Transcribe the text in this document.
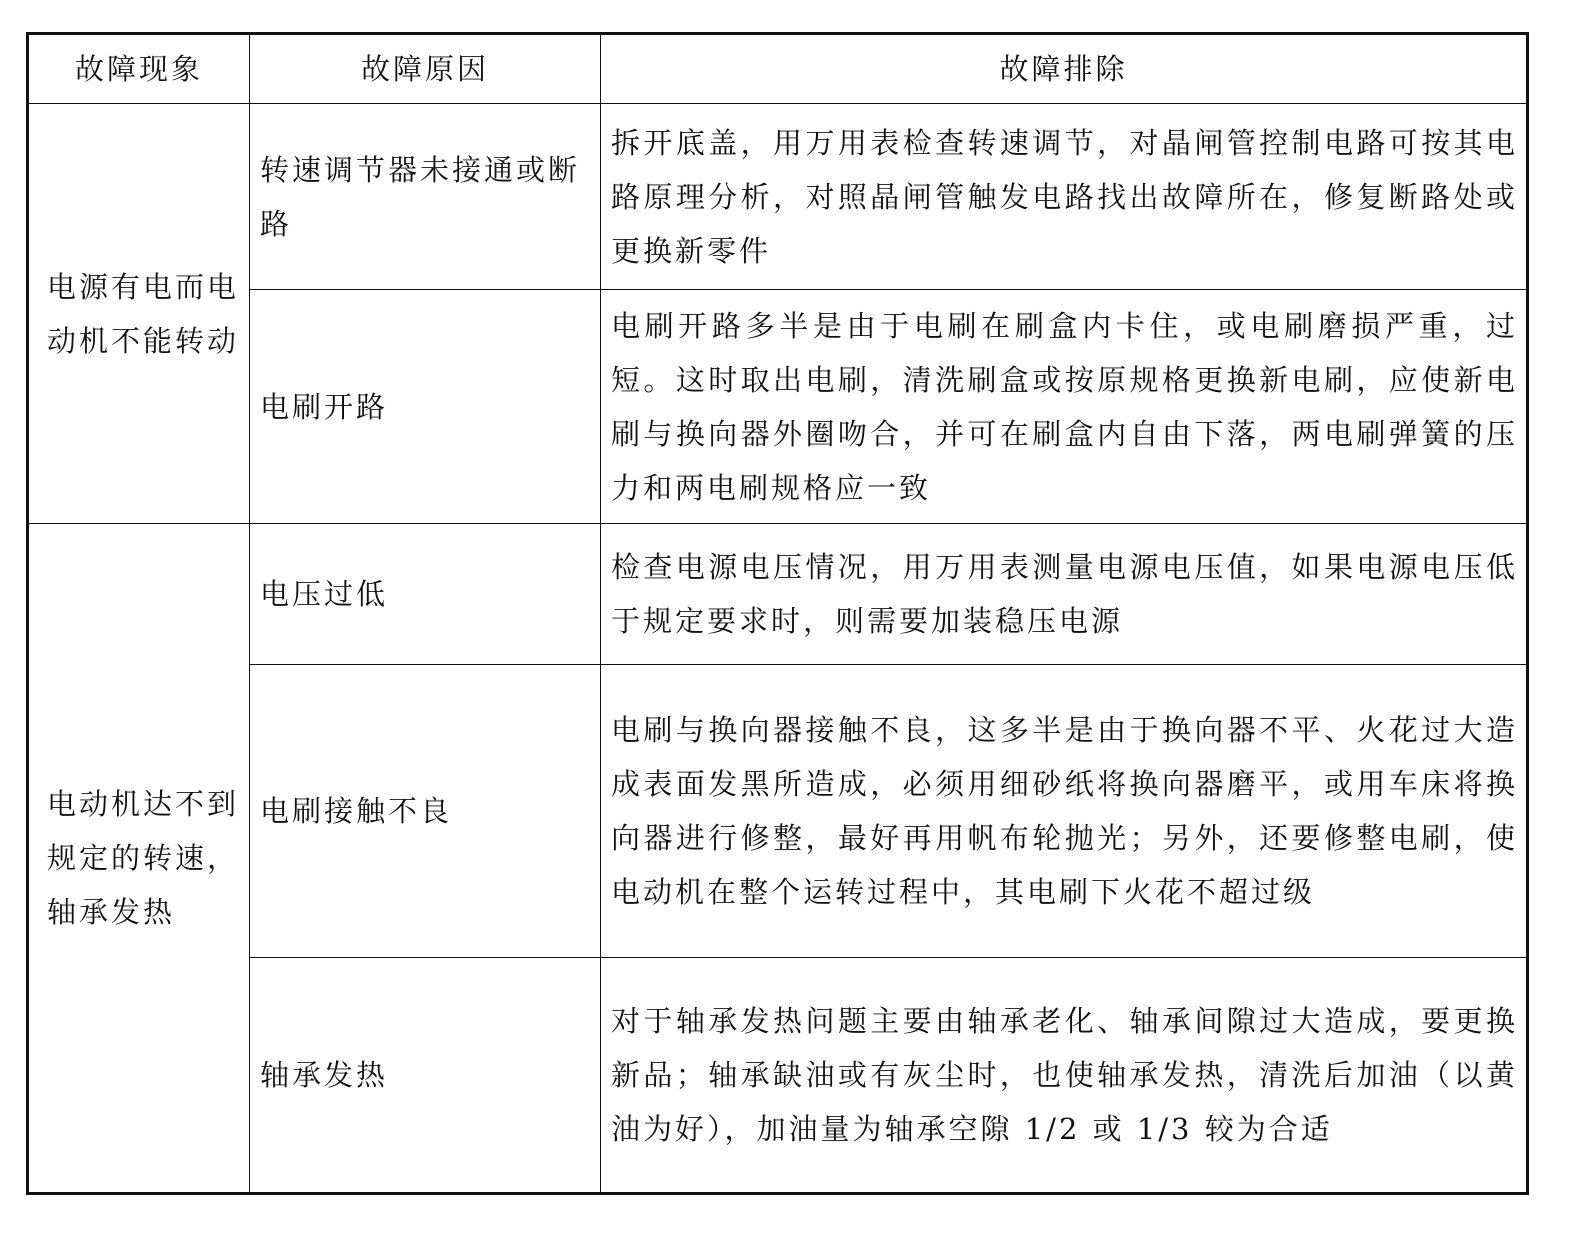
故障现象	故障原因	故障排除
电源有电而电动机不能转动	转速调节器未接通或断路	拆开底盖，用万用表检查转速调节，对晶闸管控制电路可按其电路原理分析，对照晶闸管触发电路找出故障所在，修复断路处或更换新零件
	电刷开路	电刷开路多半是由于电刷在刷盒内卡住，或电刷磨损严重，过短。这时取出电刷，清洗刷盒或按原规格更换新电刷，应使新电刷与换向器外圈吻合，并可在刷盒内自由下落，两电刷弹簧的压力和两电刷规格应一致
电动机达不到规定的转速，轴承发热	电压过低	检查电源电压情况，用万用表测量电源电压值，如果电源电压低于规定要求时，则需要加装稳压电源
	电刷接触不良	电刷与换向器接触不良，这多半是由于换向器不平、火花过大造成表面发黑所造成，必须用细砂纸将换向器磨平，或用车床将换向器进行修整，最好再用帆布轮抛光；另外，还要修整电刷，使电动机在整个运转过程中，其电刷下火花不超过级
	轴承发热	对于轴承发热问题主要由轴承老化、轴承间隙过大造成，要更换新品；轴承缺油或有灰尘时，也使轴承发热，清洗后加油（以黄油为好），加油量为轴承空隙 1/2 或 1/3 较为合适
